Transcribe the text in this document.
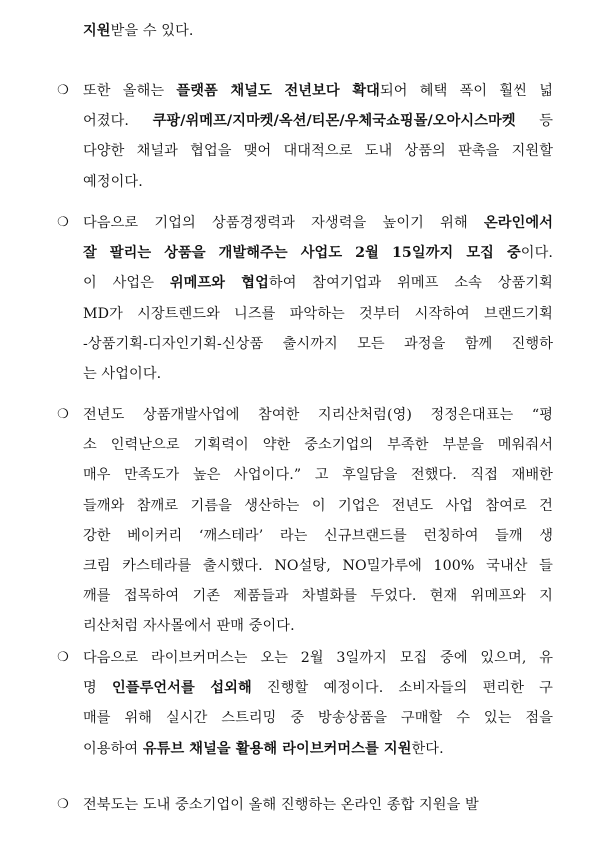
지원받을 수 있다.
❍ 또한 올해는 플랫폼 채널도 전년보다 확대되어 혜택 폭이 훨씬 넓
어졌다. 쿠팡/위메프/지마켓/옥션/티몬/우체국쇼핑몰/오아시스마켓 등
다양한 채널과 협업을 맺어 대대적으로 도내 상품의 판촉을 지원할
예정이다.
❍ 다음으로 기업의 상품경쟁력과 자생력을 높이기 위해 온라인에서
잘 팔리는 상품을 개발해주는 사업도 2월 15일까지 모집 중이다.
이 사업은 위메프와 협업하여 참여기업과 위메프 소속 상품기획
MD가 시장트렌드와 니즈를 파악하는 것부터 시작하여 브랜드기획
-상품기획-디자인기획-신상품 출시까지 모든 과정을 함께 진행하
는 사업이다.
❍ 전년도 상품개발사업에 참여한 지리산처럼(영) 정정은대표는 “평
소 인력난으로 기획력이 약한 중소기업의 부족한 부분을 메워줘서
매우 만족도가 높은 사업이다.” 고 후일담을 전했다. 직접 재배한
들깨와 참깨로 기름을 생산하는 이 기업은 전년도 사업 참여로 건
강한 베이커리 ‘깨스테라’ 라는 신규브랜드를 런칭하여 들깨 생
크림 카스테라를 출시했다. NO설탕, NO밀가루에 100% 국내산 들
깨를 접목하여 기존 제품들과 차별화를 두었다. 현재 위메프와 지
리산처럼 자사몰에서 판매 중이다.
❍ 다음으로 라이브커머스는 오는 2월 3일까지 모집 중에 있으며, 유
명 인플루언서를 섭외해 진행할 예정이다. 소비자들의 편리한 구
매를 위해 실시간 스트리밍 중 방송상품을 구매할 수 있는 점을
이용하여 유튜브 채널을 활용해 라이브커머스를 지원한다.
❍ 전북도는 도내 중소기업이 올해 진행하는 온라인 종합 지원을 발
